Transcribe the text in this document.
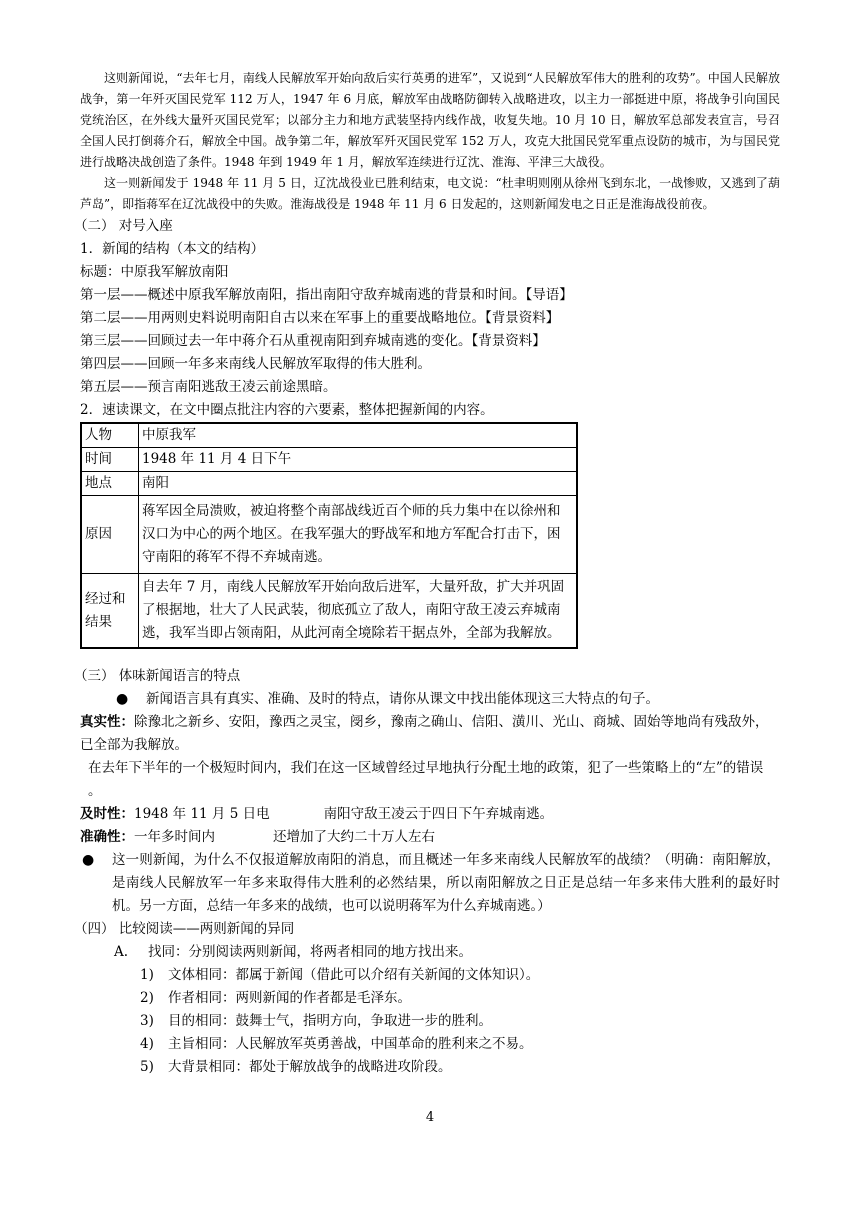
这则新闻说，“去年七月，南线人民解放军开始向敌后实行英勇的进军”，又说到“人民解放军伟大的胜利的攻势”。中国人民解放战争，第一年歼灭国民党军 112 万人，1947 年 6 月底，解放军由战略防御转入战略进攻，以主力一部挺进中原，将战争引向国民党统治区，在外线大量歼灭国民党军；以部分主力和地方武装坚持内线作战，收复失地。10 月 10 日，解放军总部发表宣言，号召全国人民打倒蒋介石，解放全中国。战争第二年，解放军歼灭国民党军 152 万人，攻克大批国民党军重点设防的城市，为与国民党进行战略决战创造了条件。1948 年到 1949 年 1 月，解放军连续进行辽沈、淮海、平津三大战役。

这一则新闻发于 1948 年 11 月 5 日，辽沈战役业已胜利结束，电文说：“杜聿明则刚从徐州飞到东北，一战惨败，又逃到了葫芦岛”，即指蒋军在辽沈战役中的失败。淮海战役是 1948 年 11 月 6 日发起的，这则新闻发电之日正是淮海战役前夜。

（二） 对号入座
1．新闻的结构（本文的结构）
标题：中原我军解放南阳
第一层——概述中原我军解放南阳，指出南阳守敌弃城南逃的背景和时间。【导语】
第二层——用两则史料说明南阳自古以来在军事上的重要战略地位。【背景资料】
第三层——回顾过去一年中蒋介石从重视南阳到弃城南逃的变化。【背景资料】
第四层——回顾一年多来南线人民解放军取得的伟大胜利。
第五层——预言南阳逃敌王凌云前途黑暗。
2．速读课文，在文中圈点批注内容的六要素，整体把握新闻的内容。
人物	中原我军
时间	1948 年 11 月 4 日下午
地点	南阳
原因	蒋军因全局溃败，被迫将整个南部战线近百个师的兵力集中在以徐州和汉口为中心的两个地区。在我军强大的野战军和地方军配合打击下，困守南阳的蒋军不得不弃城南逃。
经过和结果	自去年 7 月，南线人民解放军开始向敌后进军，大量歼敌，扩大并巩固了根据地，壮大了人民武装，彻底孤立了敌人，南阳守敌王凌云弃城南逃，我军当即占领南阳，从此河南全境除若干据点外，全部为我解放。
（三） 体味新闻语言的特点
● 新闻语言具有真实、准确、及时的特点，请你从课文中找出能体现这三大特点的句子。
真实性：除豫北之新乡、安阳，豫西之灵宝，阌乡，豫南之确山、信阳、潢川、光山、商城、固始等地尚有残敌外，已全部为我解放。
在去年下半年的一个极短时间内，我们在这一区域曾经过早地执行分配土地的政策，犯了一些策略上的“左”的错误 。
及时性：1948 年 11 月 5 日电	南阳守敌王凌云于四日下午弃城南逃。
准确性：一年多时间内	还增加了大约二十万人左右
● 这一则新闻，为什么不仅报道解放南阳的消息，而且概述一年多来南线人民解放军的战绩？（明确：南阳解放，是南线人民解放军一年多来取得伟大胜利的必然结果，所以南阳解放之日正是总结一年多来伟大胜利的最好时机。另一方面，总结一年多来的战绩，也可以说明蒋军为什么弃城南逃。）
（四） 比较阅读——两则新闻的异同
A. 找同：分别阅读两则新闻，将两者相同的地方找出来。
1) 文体相同：都属于新闻（借此可以介绍有关新闻的文体知识）。
2) 作者相同：两则新闻的作者都是毛泽东。
3) 目的相同：鼓舞士气，指明方向，争取进一步的胜利。
4) 主旨相同：人民解放军英勇善战，中国革命的胜利来之不易。
5) 大背景相同：都处于解放战争的战略进攻阶段。
4
